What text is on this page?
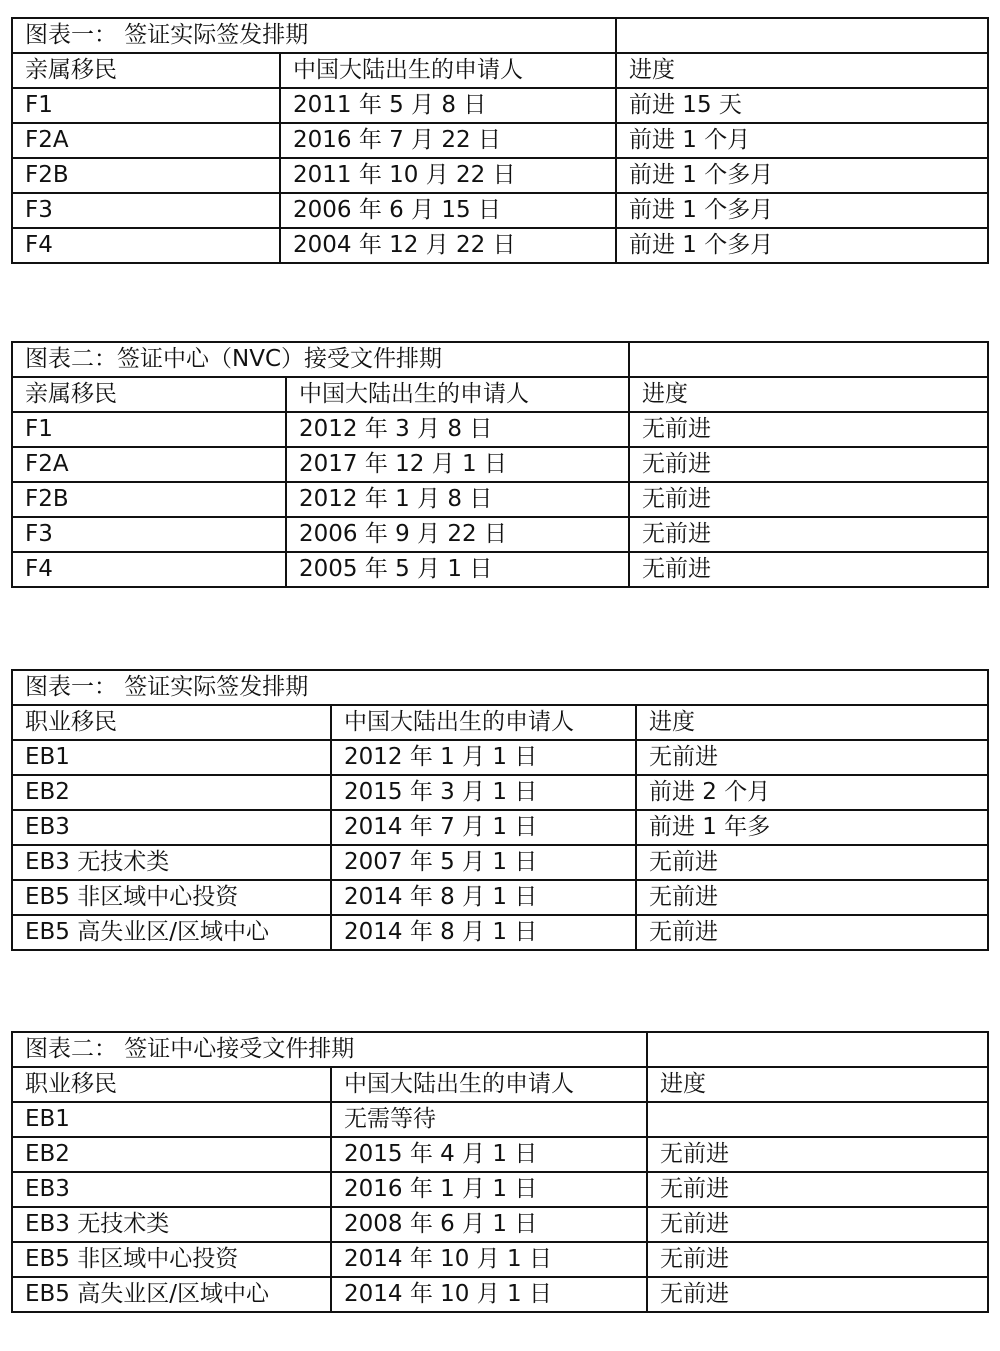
图表一： 签证实际签发排期		
亲属移民	中国大陆出生的申请人	进度
F1	2011 年 5 月 8 日	前进 15 天
F2A	2016 年 7 月 22 日	前进 1 个月
F2B	2011 年 10 月 22 日	前进 1 个多月
F3	2006 年 6 月 15 日	前进 1 个多月
F4	2004 年 12 月 22 日	前进 1 个多月
图表二：签证中心（NVC）接受文件排期		
亲属移民	中国大陆出生的申请人	进度
F1	2012 年 3 月 8 日	无前进
F2A	2017 年 12 月 1 日	无前进
F2B	2012 年 1 月 8 日	无前进
F3	2006 年 9 月 22 日	无前进
F4	2005 年 5 月 1 日	无前进
图表一： 签证实际签发排期		
职业移民	中国大陆出生的申请人	进度
EB1	2012 年 1 月 1 日	无前进
EB2	2015 年 3 月 1 日	前进 2 个月
EB3	2014 年 7 月 1 日	前进 1 年多
EB3 无技术类	2007 年 5 月 1 日	无前进
EB5 非区域中心投资	2014 年 8 月 1 日	无前进
EB5 高失业区/区域中心	2014 年 8 月 1 日	无前进
图表二： 签证中心接受文件排期		
职业移民	中国大陆出生的申请人	进度
EB1	无需等待	
EB2	2015 年 4 月 1 日	无前进
EB3	2016 年 1 月 1 日	无前进
EB3 无技术类	2008 年 6 月 1 日	无前进
EB5 非区域中心投资	2014 年 10 月 1 日	无前进
EB5 高失业区/区域中心	2014 年 10 月 1 日	无前进
